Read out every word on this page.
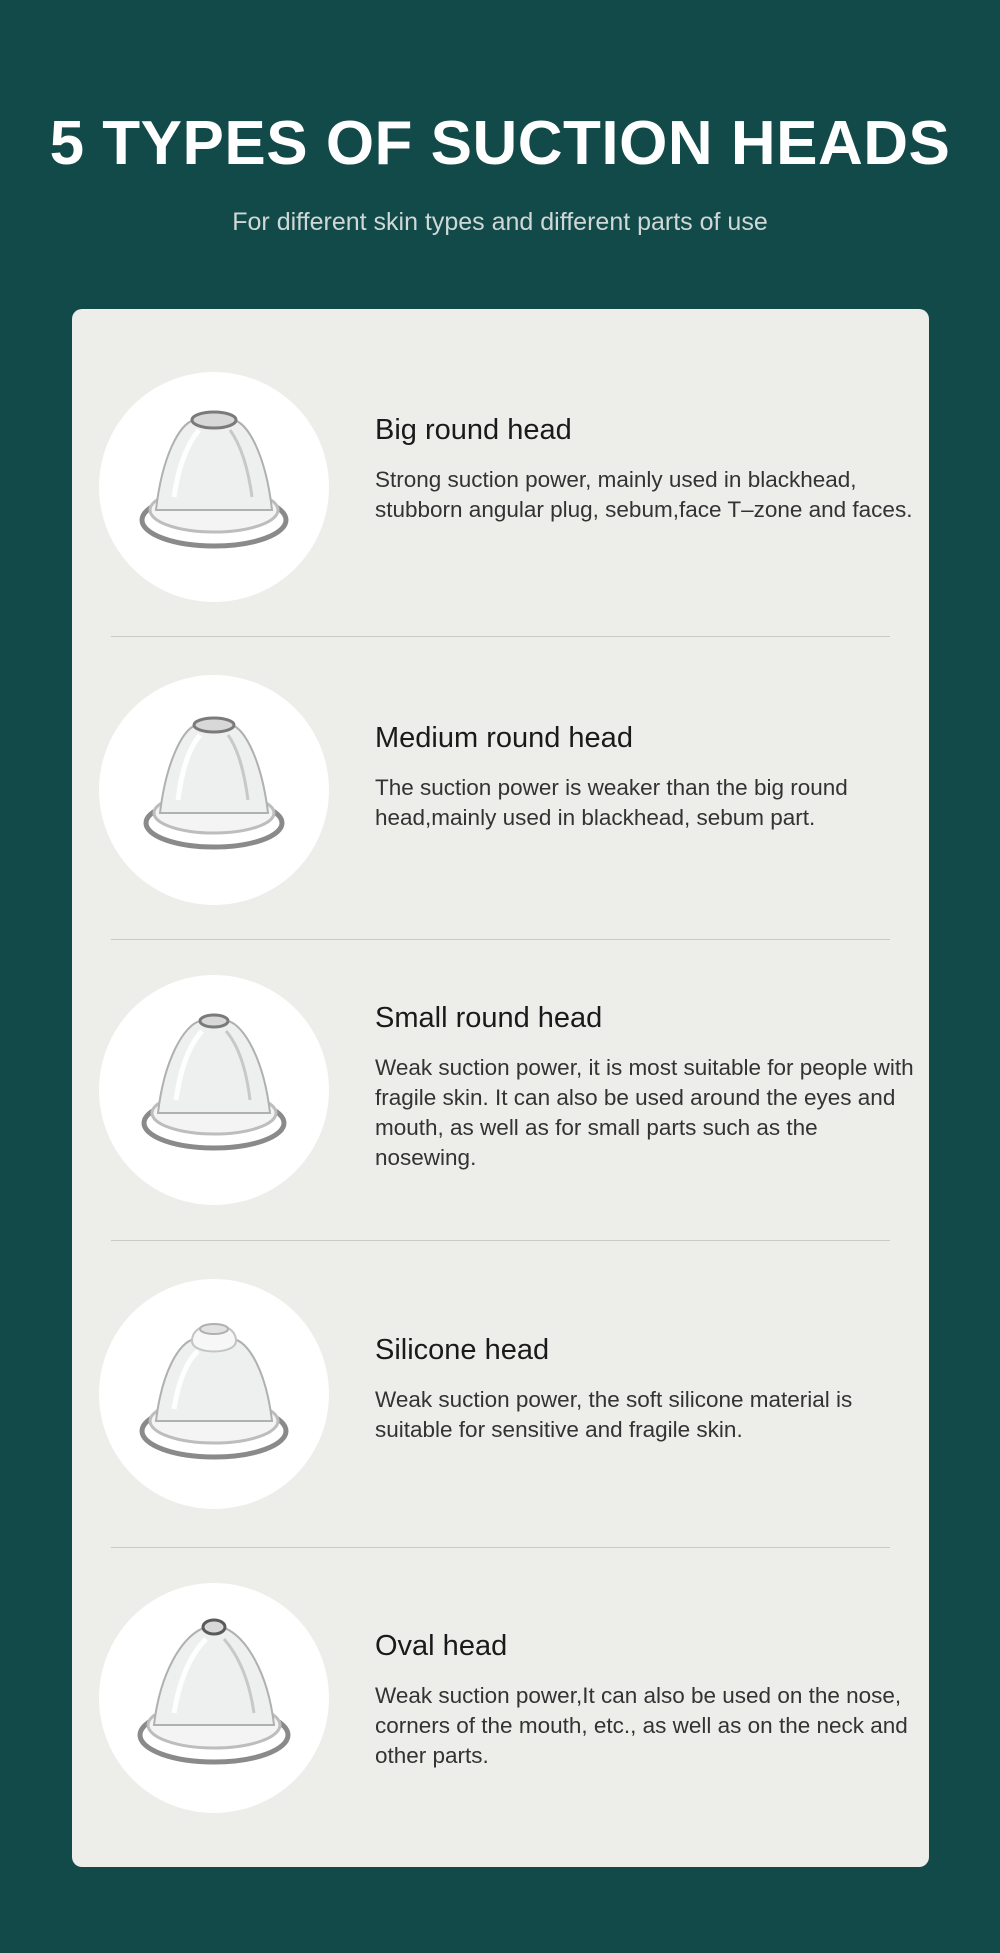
5 TYPES OF SUCTION HEADS

For different skin types and different parts of use

Big round head
Strong suction power, mainly used in blackhead, stubborn angular plug, sebum,face T–zone and faces.
Medium round head
The suction power is weaker than the big round head,mainly used in blackhead, sebum part.
Small round head
Weak suction power, it is most suitable for people with fragile skin. It can also be used around the eyes and mouth, as well as for small parts such as the nosewing.
Silicone head
Weak suction power, the soft silicone material is suitable for sensitive and fragile skin.
Oval head
Weak suction power,It can also be used on the nose, corners of the mouth, etc., as well as on the neck and other parts.
